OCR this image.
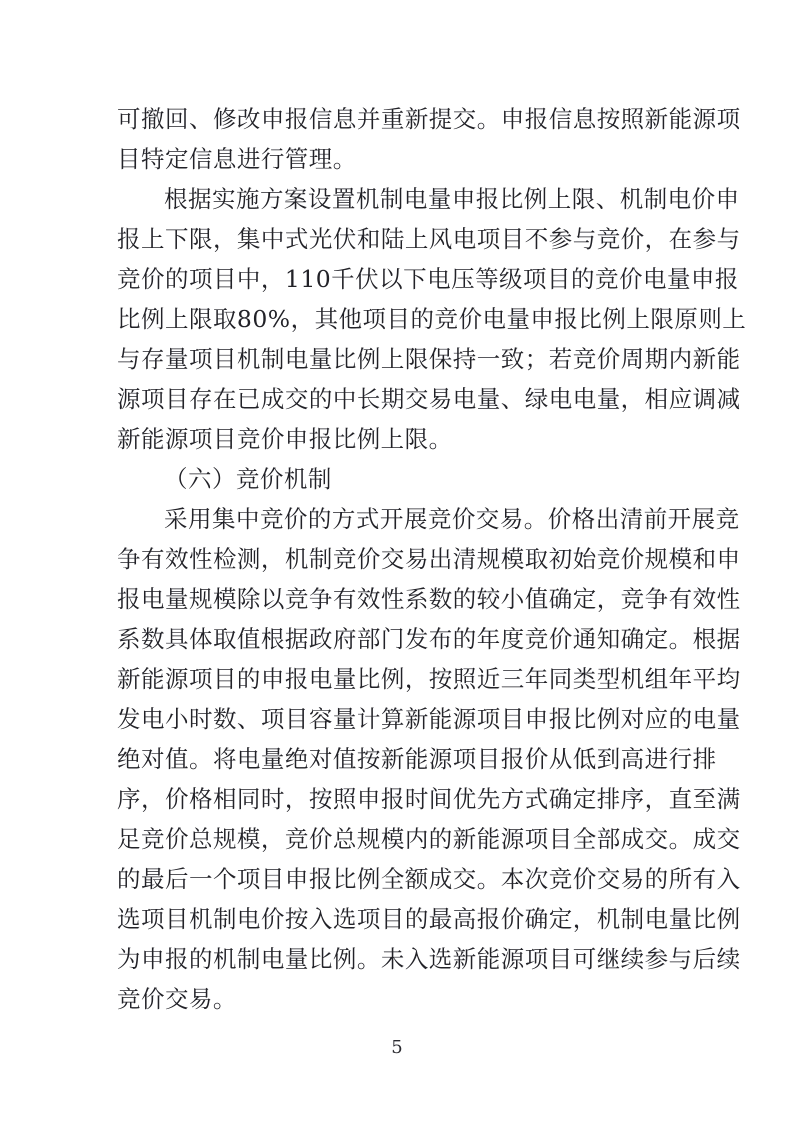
可 撤 回 、 修 改 申 报 信 息 并 重 新 提 交 。 申 报 信 息 按 照 新 能 源 项
目特定信息进行管理。
根 据 实 施 方 案 设 置 机 制 电 量 申 报 比 例 上 限 、 机 制 电 价 申
报 上 下 限 ， 集 中 式 光 伏 和 陆 上 风 电 项 目 不 参 与 竞 价 ， 在 参 与
竞 价 的 项 目 中 ， 1 1 0 千 伏 以 下 电 压 等 级 项 目 的 竞 价 电 量 申 报
比 例 上 限 取 8 0 % ， 其 他 项 目 的 竞 价 电 量 申 报 比 例 上 限 原 则 上
与 存 量 项 目 机 制 电 量 比 例 上 限 保 持 一 致 ； 若 竞 价 周 期 内 新 能
源 项 目 存 在 已 成 交 的 中 长 期 交 易 电 量 、 绿 电 电 量 ， 相 应 调 减
新能源项目竞价申报比例上限。
（六）竞价机制
采 用 集 中 竞 价 的 方 式 开 展 竞 价 交 易 。 价 格 出 清 前 开 展 竞
争 有 效 性 检 测 ， 机 制 竞 价 交 易 出 清 规 模 取 初 始 竞 价 规 模 和 申
报 电 量 规 模 除 以 竞 争 有 效 性 系 数 的 较 小 值 确 定 ， 竞 争 有 效 性
系 数 具 体 取 值 根 据 政 府 部 门 发 布 的 年 度 竞 价 通 知 确 定 。 根 据
新 能 源 项 目 的 申 报 电 量 比 例 ， 按 照 近 三 年 同 类 型 机 组 年 平 均
发 电 小 时 数 、 项 目 容 量 计 算 新 能 源 项 目 申 报 比 例 对 应 的 电 量
绝 对 值 。 将 电 量 绝 对 值 按 新 能 源 项 目 报 价 从 低 到 高 进 行 排
序 ， 价 格 相 同 时 ， 按 照 申 报 时 间 优 先 方 式 确 定 排 序 ， 直 至 满
足 竞 价 总 规 模 ， 竞 价 总 规 模 内 的 新 能 源 项 目 全 部 成 交 。 成 交
的 最 后 一 个 项 目 申 报 比 例 全 额 成 交 。 本 次 竞 价 交 易 的 所 有 入
选 项 目 机 制 电 价 按 入 选 项 目 的 最 高 报 价 确 定 ， 机 制 电 量 比 例
为 申 报 的 机 制 电 量 比 例 。 未 入 选 新 能 源 项 目 可 继 续 参 与 后 续
竞价交易。
5
